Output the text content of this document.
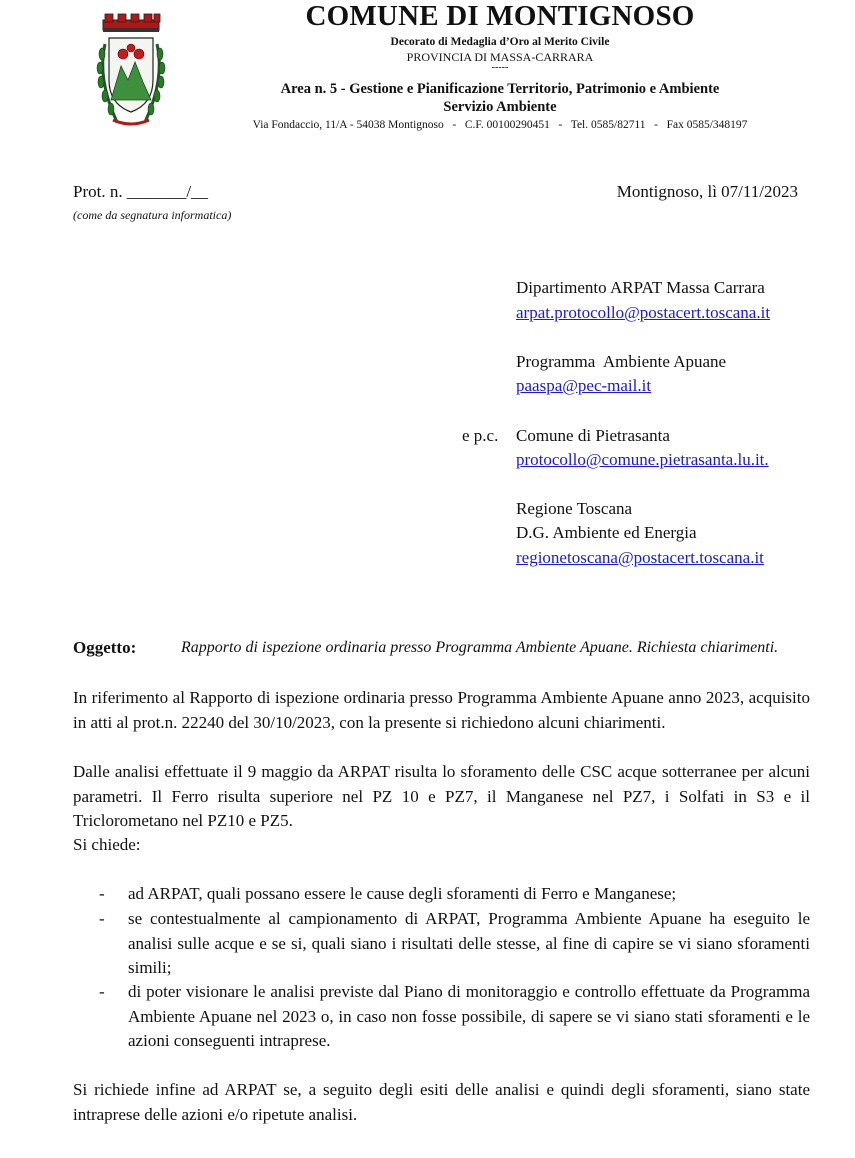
COMUNE DI MONTIGNOSO
Decorato di Medaglia d’Oro al Merito Civile
PROVINCIA DI MASSA-CARRARA
-----
Area n. 5 - Gestione e Pianificazione Territorio, Patrimonio e Ambiente
Servizio Ambiente
Via Fondaccio, 11/A - 54038 Montignoso   -   C.F. 00100290451   -   Tel. 0585/82711   -   Fax 0585/348197
Prot. n. _______/__
(come da segnatura informatica)
Montignoso, lì 07/11/2023
Dipartimento ARPAT Massa Carrara
arpat.protocollo@postacert.toscana.it
Programma  Ambiente Apuane
paaspa@pec-mail.it
e p.c. Comune di Pietrasanta
protocollo@comune.pietrasanta.lu.it.
Regione Toscana
D.G. Ambiente ed Energia
regionetoscana@postacert.toscana.it
Oggetto:	Rapporto di ispezione ordinaria presso Programma Ambiente Apuane. Richiesta chiarimenti.
In riferimento al Rapporto di ispezione ordinaria presso Programma Ambiente Apuane anno 2023, acquisito in atti al prot.n. 22240 del 30/10/2023, con la presente si richiedono alcuni chiarimenti.
Dalle analisi effettuate il 9 maggio da ARPAT risulta lo sforamento delle CSC acque sotterranee per alcuni parametri. Il Ferro risulta superiore nel PZ 10 e PZ7, il Manganese nel PZ7, i Solfati in S3 e il Triclorometano nel PZ10 e PZ5.
Si chiede:
- ad ARPAT, quali possano essere le cause degli sforamenti di Ferro e Manganese;
- se contestualmente al campionamento di ARPAT, Programma Ambiente Apuane ha eseguito le analisi sulle acque e se si, quali siano i risultati delle stesse, al fine di capire se vi siano sforamenti simili;
- di poter visionare le analisi previste dal Piano di monitoraggio e controllo effettuate da Programma Ambiente Apuane nel 2023 o, in caso non fosse possibile, di sapere se vi siano stati sforamenti e le azioni conseguenti intraprese.
Si richiede infine ad ARPAT se, a seguito degli esiti delle analisi e quindi degli sforamenti, siano state intraprese delle azioni e/o ripetute analisi.
